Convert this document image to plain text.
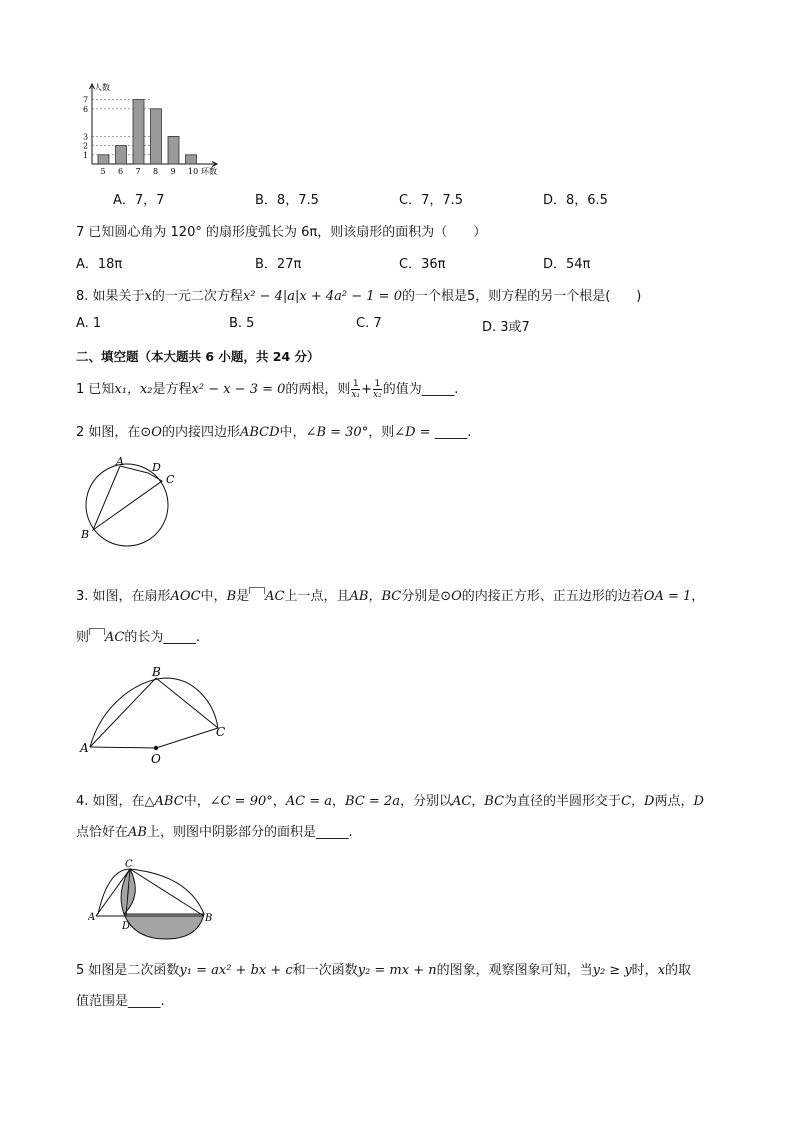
1
2
3
6
7
5 6 7 8 9 10
人数
环数
A．7，7	B．8，7.5	C．7，7.5	D．8，6.5
7 已知圆心角为 120° 的扇形度弧长为 6π，则该扇形的面积为（　　）
A．18π	B．27π	C．36π	D．54π
8. 如果关于x的一元二次方程x² − 4|a|x + 4a² − 1 = 0的一个根是5，则方程的另一个根是(　　)
A. 1	B. 5	C. 7	D. 3或7
二、填空题（本大题共 6 小题，共 24 分）
1 已知x₁，x₂是方程x² − x − 3 = 0的两根，则 $\frac{1}{\text{x₁}} + \frac{1}{\text{x₂}}$ 的值为_____.
2 如图，在⊙O的内接四边形ABCD中，∠B = 30°，则∠D = _____.
A	D
C
B
3. 如图，在扇形AOC中，B是 AC上一点，且AB，BC分别是⊙O的内接正方形、正五边形的边若OA = 1，
则 AC的长为_____.
B
A
O
C
4. 如图，在△ABC中，∠C = 90°，AC = a，BC = 2a，分别以AC，BC为直径的半圆形交于C，D两点，D
点恰好在AB上，则图中阴影部分的面积是_____.
C
A
D
B
5 如图是二次函数y₁ = ax² + bx + c和一次函数y₂ = mx + n的图象，观察图象可知，当y₂ ≥ y时，x的取
值范围是_____.
